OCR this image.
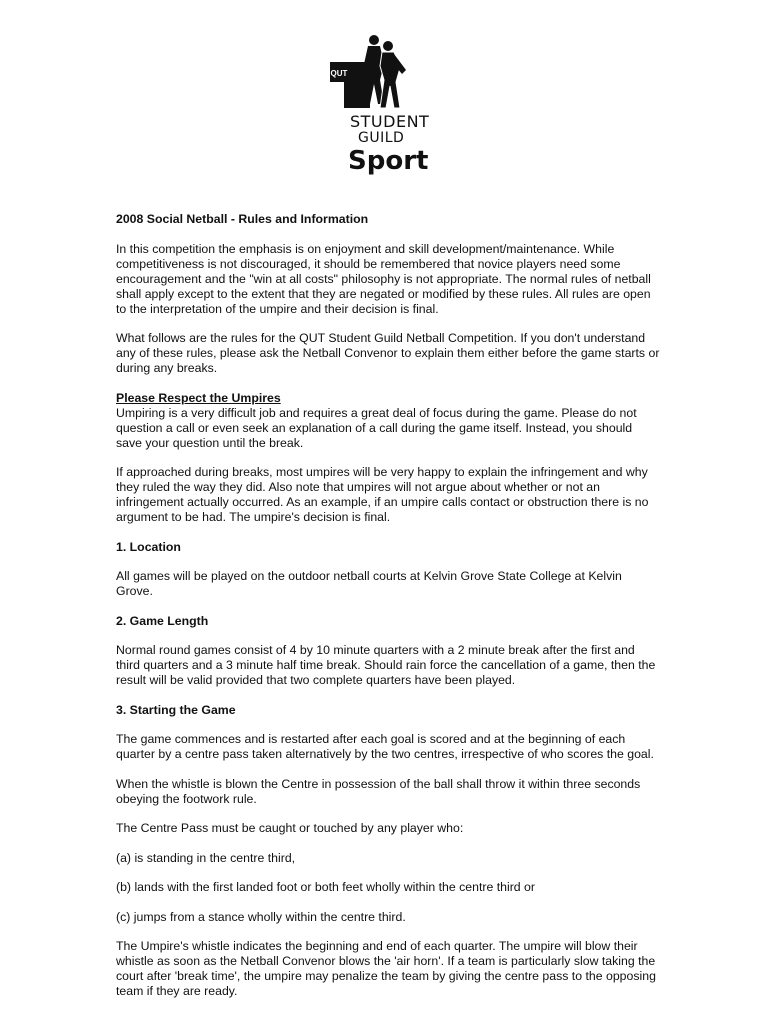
QUT
STUDENT
GUILD
Sport
2008 Social Netball - Rules and Information

In this competition the emphasis is on enjoyment and skill development/maintenance. While competitiveness is not discouraged, it should be remembered that novice players need some encouragement and the "win at all costs" philosophy is not appropriate. The normal rules of netball shall apply except to the extent that they are negated or modified by these rules. All rules are open to the interpretation of the umpire and their decision is final.

What follows are the rules for the QUT Student Guild Netball Competition. If you don't understand any of these rules, please ask the Netball Convenor to explain them either before the game starts or during any breaks.

Please Respect the Umpires

Umpiring is a very difficult job and requires a great deal of focus during the game. Please do not question a call or even seek an explanation of a call during the game itself. Instead, you should save your question until the break.

If approached during breaks, most umpires will be very happy to explain the infringement and why they ruled the way they did. Also note that umpires will not argue about whether or not an infringement actually occurred. As an example, if an umpire calls contact or obstruction there is no argument to be had. The umpire's decision is final.

1. Location

All games will be played on the outdoor netball courts at Kelvin Grove State College at Kelvin Grove.

2. Game Length

Normal round games consist of 4 by 10 minute quarters with a 2 minute break after the first and third quarters and a 3 minute half time break. Should rain force the cancellation of a game, then the result will be valid provided that two complete quarters have been played.

3. Starting the Game

The game commences and is restarted after each goal is scored and at the beginning of each quarter by a centre pass taken alternatively by the two centres, irrespective of who scores the goal.

When the whistle is blown the Centre in possession of the ball shall throw it within three seconds obeying the footwork rule.

The Centre Pass must be caught or touched by any player who:

(a) is standing in the centre third,

(b) lands with the first landed foot or both feet wholly within the centre third or

(c) jumps from a stance wholly within the centre third.

The Umpire's whistle indicates the beginning and end of each quarter. The umpire will blow their whistle as soon as the Netball Convenor blows the 'air horn'. If a team is particularly slow taking the court after 'break time', the umpire may penalize the team by giving the centre pass to the opposing team if they are ready.
